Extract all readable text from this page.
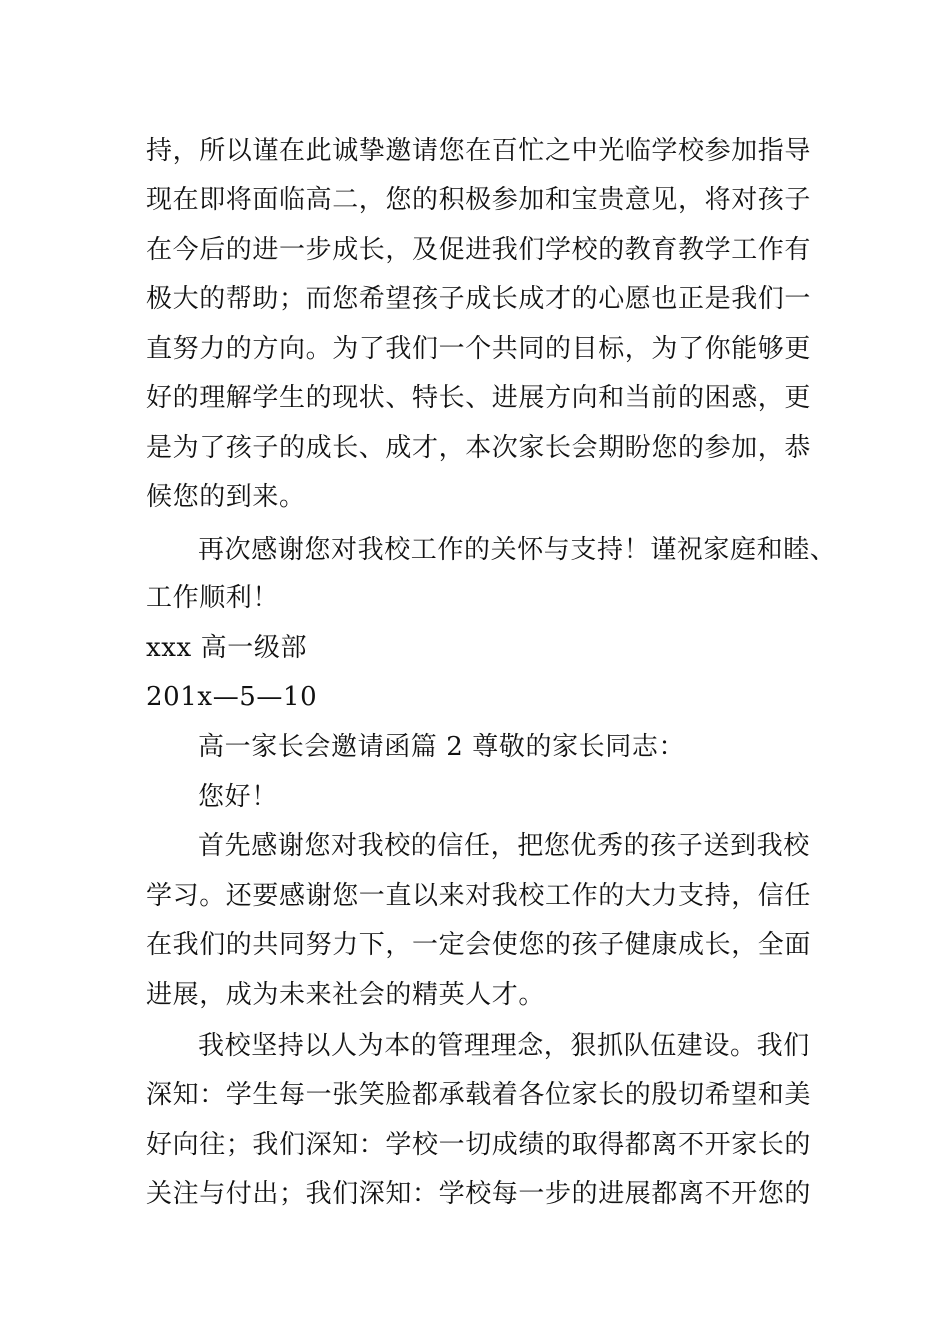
持，所以谨在此诚挚邀请您在百忙之中光临学校参加指导
现在即将面临高二，您的积极参加和宝贵意见，将对孩子
在今后的进一步成长，及促进我们学校的教育教学工作有
极大的帮助；而您希望孩子成长成才的心愿也正是我们一
直努力的方向。为了我们一个共同的目标，为了你能够更
好的理解学生的现状、特长、进展方向和当前的困惑，更
是为了孩子的成长、成才，本次家长会期盼您的参加，恭
候您的到来。
再次感谢您对我校工作的关怀与支持！谨祝家庭和睦、
工作顺利！
xxx 高一级部
201x—5—10
高一家长会邀请函篇 2 尊敬的家长同志：
您好！
首先感谢您对我校的信任，把您优秀的孩子送到我校
学习。还要感谢您一直以来对我校工作的大力支持，信任
在我们的共同努力下，一定会使您的孩子健康成长，全面
进展，成为未来社会的精英人才。
我校坚持以人为本的管理理念，狠抓队伍建设。我们
深知：学生每一张笑脸都承载着各位家长的殷切希望和美
好向往；我们深知：学校一切成绩的取得都离不开家长的
关注与付出；我们深知：学校每一步的进展都离不开您的
